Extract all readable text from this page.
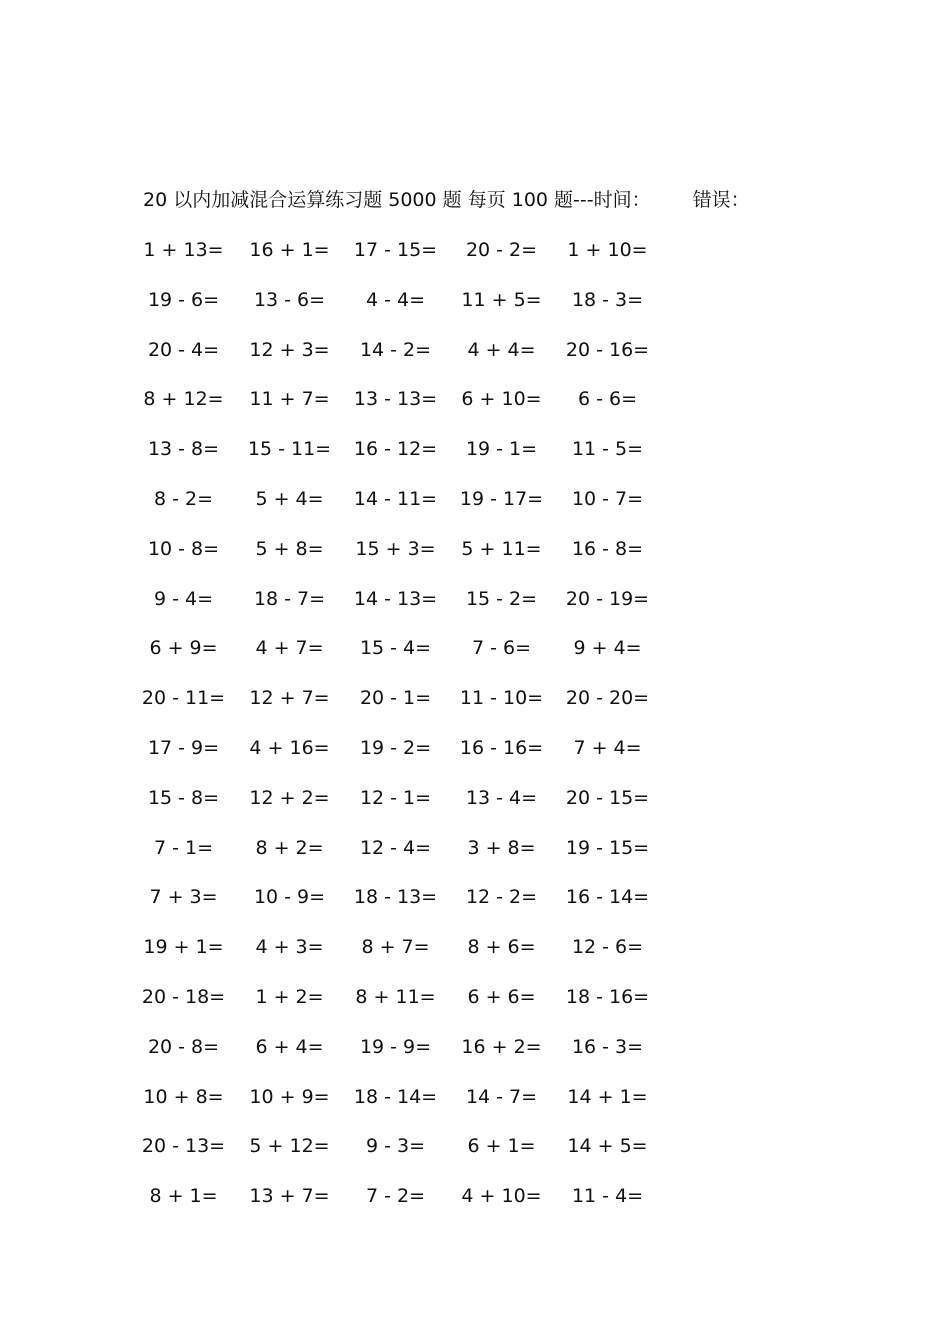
20 以内加减混合运算练习题 5000 题 每页 100 题---时间： 错误：
1 + 13=	16 + 1=	17 - 15=	20 - 2=	1 + 10=
19 - 6=	13 - 6=	4 - 4=	11 + 5=	18 - 3=
20 - 4=	12 + 3=	14 - 2=	4 + 4=	20 - 16=
8 + 12=	11 + 7=	13 - 13=	6 + 10=	6 - 6=
13 - 8=	15 - 11=	16 - 12=	19 - 1=	11 - 5=
8 - 2=	5 + 4=	14 - 11=	19 - 17=	10 - 7=
10 - 8=	5 + 8=	15 + 3=	5 + 11=	16 - 8=
9 - 4=	18 - 7=	14 - 13=	15 - 2=	20 - 19=
6 + 9=	4 + 7=	15 - 4=	7 - 6=	9 + 4=
20 - 11=	12 + 7=	20 - 1=	11 - 10=	20 - 20=
17 - 9=	4 + 16=	19 - 2=	16 - 16=	7 + 4=
15 - 8=	12 + 2=	12 - 1=	13 - 4=	20 - 15=
7 - 1=	8 + 2=	12 - 4=	3 + 8=	19 - 15=
7 + 3=	10 - 9=	18 - 13=	12 - 2=	16 - 14=
19 + 1=	4 + 3=	8 + 7=	8 + 6=	12 - 6=
20 - 18=	1 + 2=	8 + 11=	6 + 6=	18 - 16=
20 - 8=	6 + 4=	19 - 9=	16 + 2=	16 - 3=
10 + 8=	10 + 9=	18 - 14=	14 - 7=	14 + 1=
20 - 13=	5 + 12=	9 - 3=	6 + 1=	14 + 5=
8 + 1=	13 + 7=	7 - 2=	4 + 10=	11 - 4=
